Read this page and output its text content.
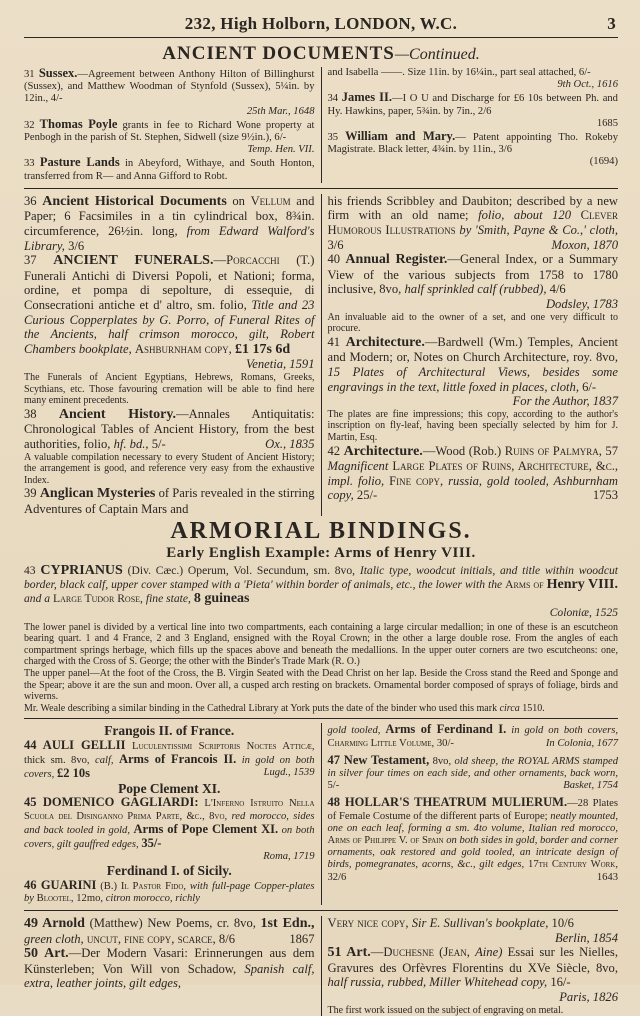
232, High Holborn, LONDON, W.C.	3
ANCIENT DOCUMENTS—Continued.

31 Sussex.—Agreement between Anthony Hilton of Billinghurst (Sussex), and Matthew Woodman of Stynfold (Sussex), 5¼in. by 12in., 4/-
25th Mar., 1648

32 Thomas Poyle grants in fee to Richard Wone property at Penbogh in the parish of St. Stephen, Sidwell (size 9½in.), 6/-
Temp. Hen. VII.

33 Pasture Lands in Abeyford, Withaye, and South Honton, transferred from R— and Anna Gifford to Robt.

and Isabella ——. Size 11in. by 16¼in., part seal attached, 6/-
9th Oct., 1616

34 James II.—I O U and Discharge for £6 10s between Ph. and Hy. Hawkins, paper, 5¾in. by 7in., 2/6
1685

35 William and Mary.— Patent appointing Tho. Rokeby Magistrate. Black letter, 4¾in. by 11in., 3/6
(1694)

36 Ancient Historical Documents on Vellum and Paper; 6 Facsimiles in a tin cylindrical box, 8¾in. circumference, 26½in. long, from Edward Walford's Library, 3/6

37 ANCIENT FUNERALS.—Porcacchi (T.) Funerali Antichi di Diversi Popoli, et Nationi; forma, ordine, et pompa di sepolture, di essequie, di Consecrationi antiche et d' altro, sm. folio, Title and 23 Curious Copperplates by G. Porro, of Funeral Rites of the Ancients, half crimson morocco, gilt, Robert Chambers bookplate, Ashburnham copy, £1 17s 6d
Venetia, 1591

The Funerals of Ancient Egyptians, Hebrews, Romans, Greeks, Scythians, etc. Those favouring cremation will be able to find here many eminent precedents.

38 Ancient History.—Annales Antiquitatis: Chronological Tables of Ancient History, from the best authorities, folio, hf. bd., 5/-	Ox., 1835

A valuable compilation necessary to every Student of Ancient History; the arrangement is good, and reference very easy from the exhaustive Index.

39 Anglican Mysteries of Paris revealed in the stirring Adventures of Captain Mars and

his friends Scribbley and Daubiton; described by a new firm with an old name; folio, about 120 Clever Humorous Illustrations by 'Smith, Payne & Co.,' cloth, 3/6	Moxon, 1870

40 Annual Register.—General Index, or a Summary View of the various subjects from 1758 to 1780 inclusive, 8vo, half sprinkled calf (rubbed), 4/6
Dodsley, 1783

An invaluable aid to the owner of a set, and one very difficult to procure.

41 Architecture.—Bardwell (Wm.) Temples, Ancient and Modern; or, Notes on Church Architecture, roy. 8vo, 15 Plates of Architectural Views, besides some engravings in the text, little foxed in places, cloth, 6/-
For the Author, 1837

The plates are fine impressions; this copy, according to the author's inscription on fly-leaf, having been specially selected by him for J. Martin, Esq.

42 Architecture.—Wood (Rob.) Ruins of Palmyra, 57 Magnificent Large Plates of Ruins, Architecture, &c., impl. folio, Fine copy, russia, gold tooled, Ashburnham copy, 25/-	1753

ARMORIAL BINDINGS.
Early English Example: Arms of Henry VIII.

43 CYPRIANUS (Div. Cæc.) Operum, Vol. Secundum, sm. 8vo, Italic type, woodcut initials, and title within woodcut border, black calf, upper cover stamped with a 'Pieta' within border of animals, etc., the lower with the Arms of Henry VIII. and a Large Tudor Rose, fine state, 8 guineas
Coloniæ, 1525

The lower panel is divided by a vertical line into two compartments, each containing a large circular medallion; in one of these is an escutcheon bearing quart. 1 and 4 France, 2 and 3 England, ensigned with the Royal Crown; in the other a large double rose. From the angles of each compartment springs herbage, which fills up the spaces above and beneath the medallions. In the upper outer corners are two escutcheons: one, charged with the Cross of S. George; the other with the Binder's Trade Mark (R. O.)

The upper panel—At the foot of the Cross, the B. Virgin Seated with the Dead Christ on her lap. Beside the Cross stand the Reed and Sponge and the Spear; above it are the sun and moon. Over all, a cusped arch resting on brackets. Ornamental border composed of sprays of foliage, birds and wiverns.

Mr. Weale describing a similar binding in the Cathedral Library at York puts the date of the binder who used this mark circa 1510.

Frangois II. of France.

44 AULI GELLII Luculentissimi Scriptoris Noctes Atticæ, thick sm. 8vo, calf, Arms of Francois II. in gold on both covers, £2 10s	Lugd., 1539

Pope Clement XI.

45 DOMENICO GAGLIARDI: L'Inferno Istruito Nella Scuola del Disinganno Prima Parte, &c., 8vo, red morocco, sides and back tooled in gold, Arms of Pope Clement XI. on both covers, gilt gauffred edges, 35/-
Roma, 1719

Ferdinand I. of Sicily.

46 GUARINI (B.) Il Pastor Fido, with full-page Copper-plates by Blootel, 12mo, citron morocco, richly

gold tooled, Arms of Ferdinand I. in gold on both covers, Charming Little Volume, 30/-	In Colonia, 1677

47 New Testament, 8vo, old sheep, the ROYAL ARMS stamped in silver four times on each side, and other ornaments, back worn, 5/-	Basket, 1754

48 HOLLAR'S THEATRUM MULIERUM.—28 Plates of Female Costume of the different parts of Europe; neatly mounted, one on each leaf, forming a sm. 4to volume, Italian red morocco, Arms of Philippe V. of Spain on both sides in gold, border and corner ornaments, oak restored and gold tooled, an intricate design of birds, pomegranates, acorns, &c., gilt edges, 17th Century Work, 32/6	1643

49 Arnold (Matthew) New Poems, cr. 8vo, 1st Edn., green cloth, uncut, fine copy, scarce, 8/6	1867

50 Art.—Der Modern Vasari: Erinnerungen aus dem Künsterleben; Von Will von Schadow, Spanish calf, extra, leather joints, gilt edges,

Very nice copy, Sir E. Sullivan's bookplate, 10/6
Berlin, 1854

51 Art.—Duchesne (Jean, Aine) Essai sur les Nielles, Gravures des Orfèvres Florentins du XVe Siècle, 8vo, half russia, rubbed, Miller Whitehead copy, 16/-
Paris, 1826

The first work issued on the subject of engraving on metal.
